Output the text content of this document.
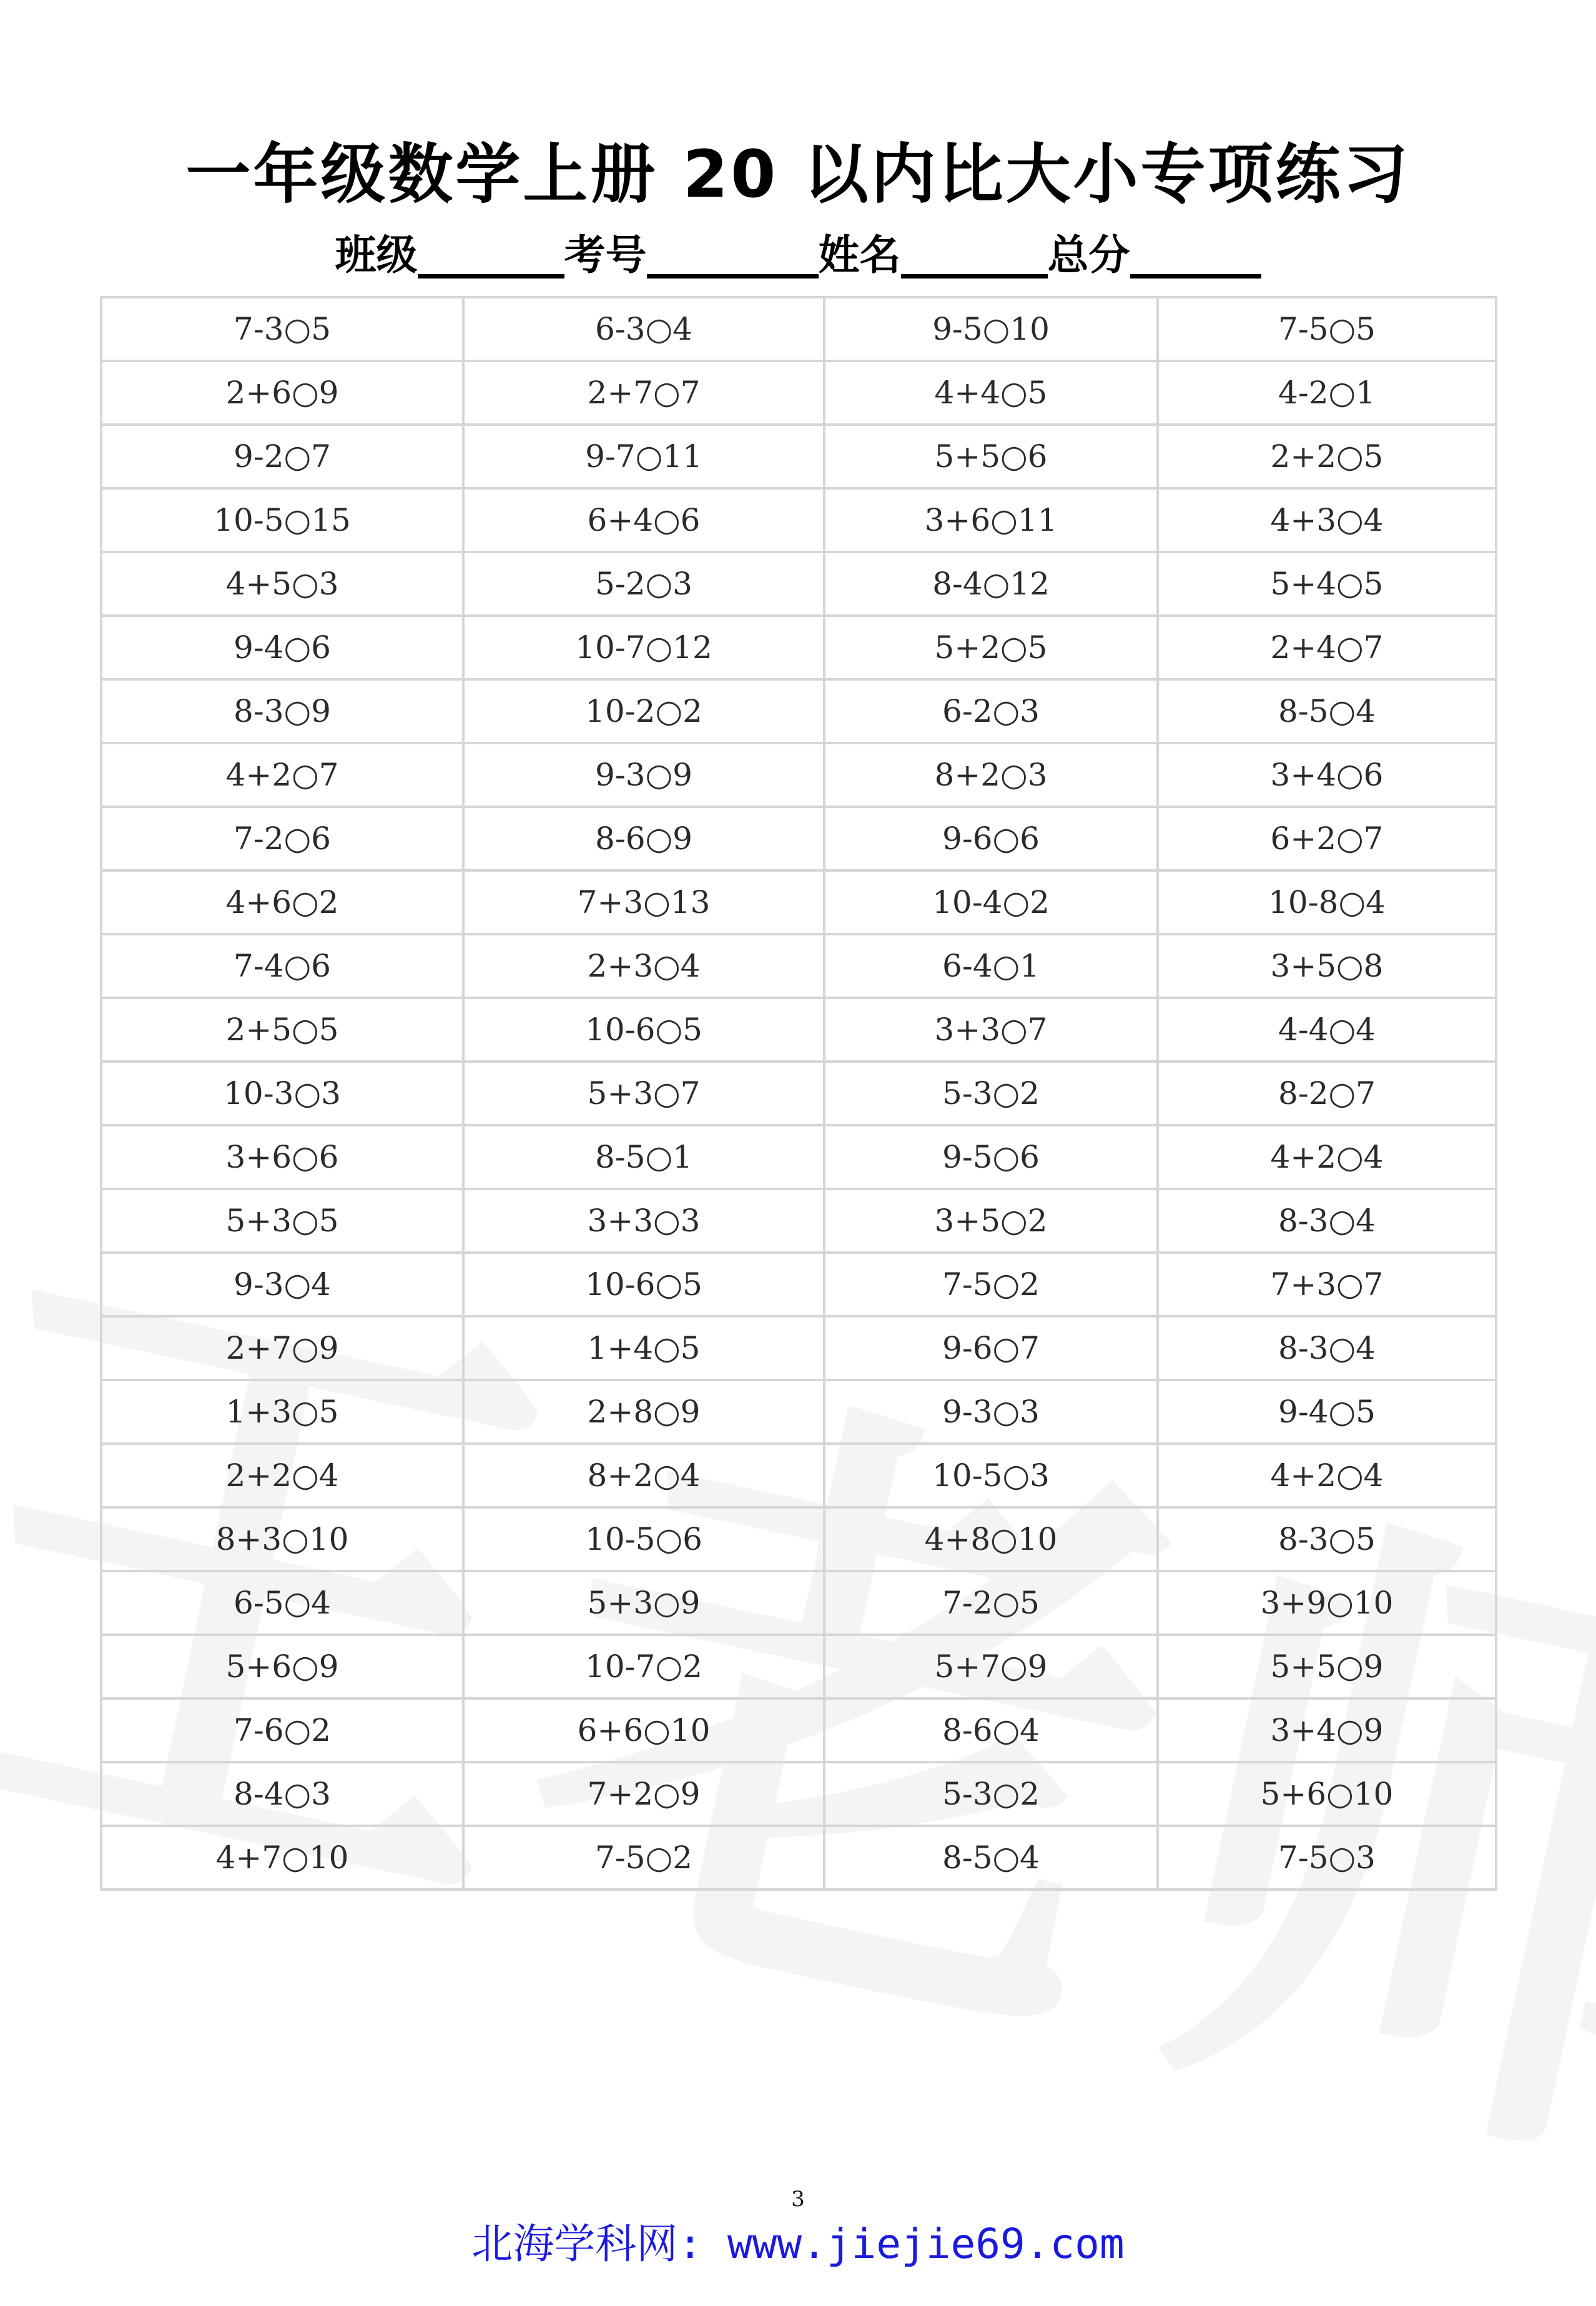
一年级数学上册 20 以内比大小专项练习
班级	考号	姓名	总分
7-3○5	6-3○4	9-5○10	7-5○5
2+6○9	2+7○7	4+4○5	4-2○1
9-2○7	9-7○11	5+5○6	2+2○5
10-5○15	6+4○6	3+6○11	4+3○4
4+5○3	5-2○3	8-4○12	5+4○5
9-4○6	10-7○12	5+2○5	2+4○7
8-3○9	10-2○2	6-2○3	8-5○4
4+2○7	9-3○9	8+2○3	3+4○6
7-2○6	8-6○9	9-6○6	6+2○7
4+6○2	7+3○13	10-4○2	10-8○4
7-4○6	2+3○4	6-4○1	3+5○8
2+5○5	10-6○5	3+3○7	4-4○4
10-3○3	5+3○7	5-3○2	8-2○7
3+6○6	8-5○1	9-5○6	4+2○4
5+3○5	3+3○3	3+5○2	8-3○4
9-3○4	10-6○5	7-5○2	7+3○7
2+7○9	1+4○5	9-6○7	8-3○4
1+3○5	2+8○9	9-3○3	9-4○5
2+2○4	8+2○4	10-5○3	4+2○4
8+3○10	10-5○6	4+8○10	8-3○5
6-5○4	5+3○9	7-2○5	3+9○10
5+6○9	10-7○2	5+7○9	5+5○9
7-6○2	6+6○10	8-6○4	3+4○9
8-4○3	7+2○9	5-3○2	5+6○10
4+7○10	7-5○2	8-5○4	7-5○3
3
北海学科网: www.jiejie69.com
